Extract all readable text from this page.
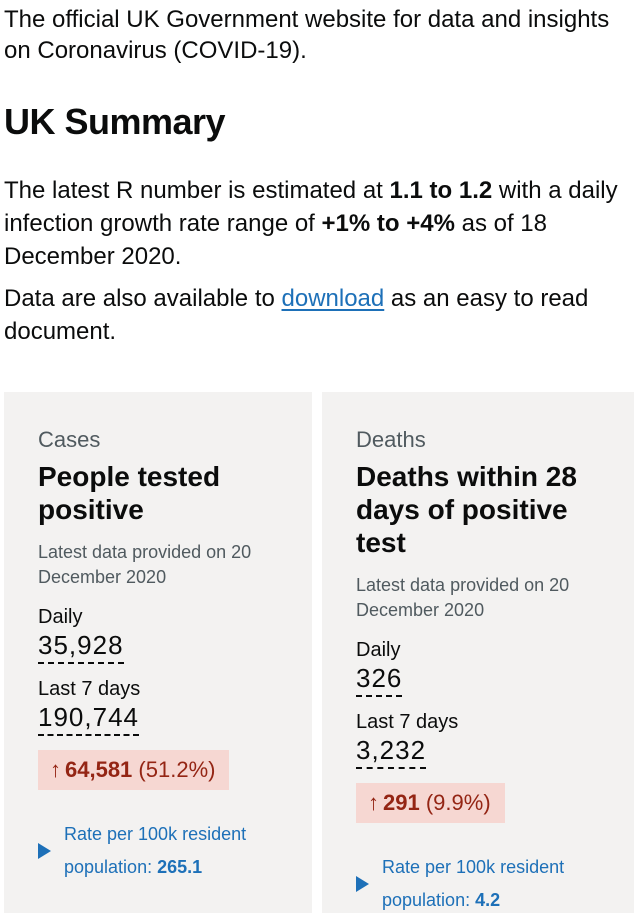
The official UK Government website for data and insights on Coronavirus (COVID-19).

UK Summary

The latest R number is estimated at 1.1 to 1.2 with a daily infection growth rate range of +1% to +4% as of 18 December 2020.

Data are also available to download as an easy to read document.

Cases

People tested positive

Latest data provided on 20 December 2020

Daily

35,928

Last 7 days

190,744
↑ 64,581 (51.2%)
Rate per 100k resident population: 265.1

Deaths

Deaths within 28 days of positive test

Latest data provided on 20 December 2020

Daily

326

Last 7 days

3,232
↑ 291 (9.9%)
Rate per 100k resident population: 4.2
